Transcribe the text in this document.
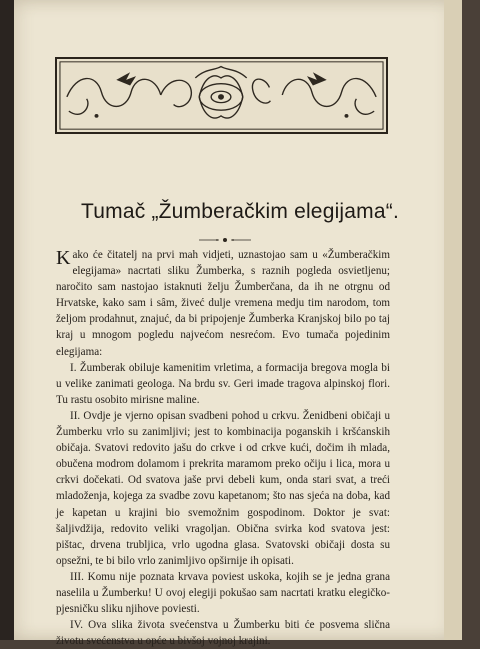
Tumač „Žumberačkim elegijama“.

Kako će čitatelj na prvi mah vidjeti, uznastojao sam u «Žumberačkim elegijama» nacrtati sliku Žumberka, s raznih pogleda osvietljenu; naročito sam nastojao istaknuti želju Žumberčana, da ih ne otrgnu od Hrvatske, kako sam i sâm, živeć dulje vremena medju tim narodom, tom željom prodahnut, znajuć, da bi pripojenje Žumberka Kranjskoj bilo po taj kraj u mnogom pogledu najvećom nesrećom. Evo tumača pojedinim elegijama:

I. Žumberak obiluje kamenitim vrletima, a formacija bregova mogla bi u velike zanimati geologa. Na brdu sv. Geri imade tragova alpinskoj flori. Tu rastu osobito mirisne maline.

II. Ovdje je vjerno opisan svadbeni pohod u crkvu. Ženidbeni običaji u Žumberku vrlo su zanimljivi; jest to kombinacija poganskih i kršćanskih običaja. Svatovi redovito jašu do crkve i od crkve kući, dočim ih mlada, obučena modrom dolamom i prekrita maramom preko očiju i lica, mora u crkvi dočekati. Od svatova jaše prvi debeli kum, onda stari svat, a treći mladoženja, kojega za svadbe zovu kapetanom; što nas sjeća na doba, kad je kapetan u krajini bio svemožnim gospodinom. Doktor je svat: šaljivdžija, redovito veliki vragoljan. Obična svirka kod svatova jest: pištac, drvena trubljica, vrlo ugodna glasa. Svatovski običaji dosta su opsežni, te bi bilo vrlo zanimljivo opširnije ih opisati.

III. Komu nije poznata krvava poviest uskoka, kojih se je jedna grana naselila u Žumberku! U ovoj elegiji pokušao sam nacrtati kratku elegičko-pjesničku sliku njihove poviesti.

IV. Ova slika života svećenstva u Žumberku biti će posvema slična životu svećenstva u opće u bivšoj vojnoj krajini.
